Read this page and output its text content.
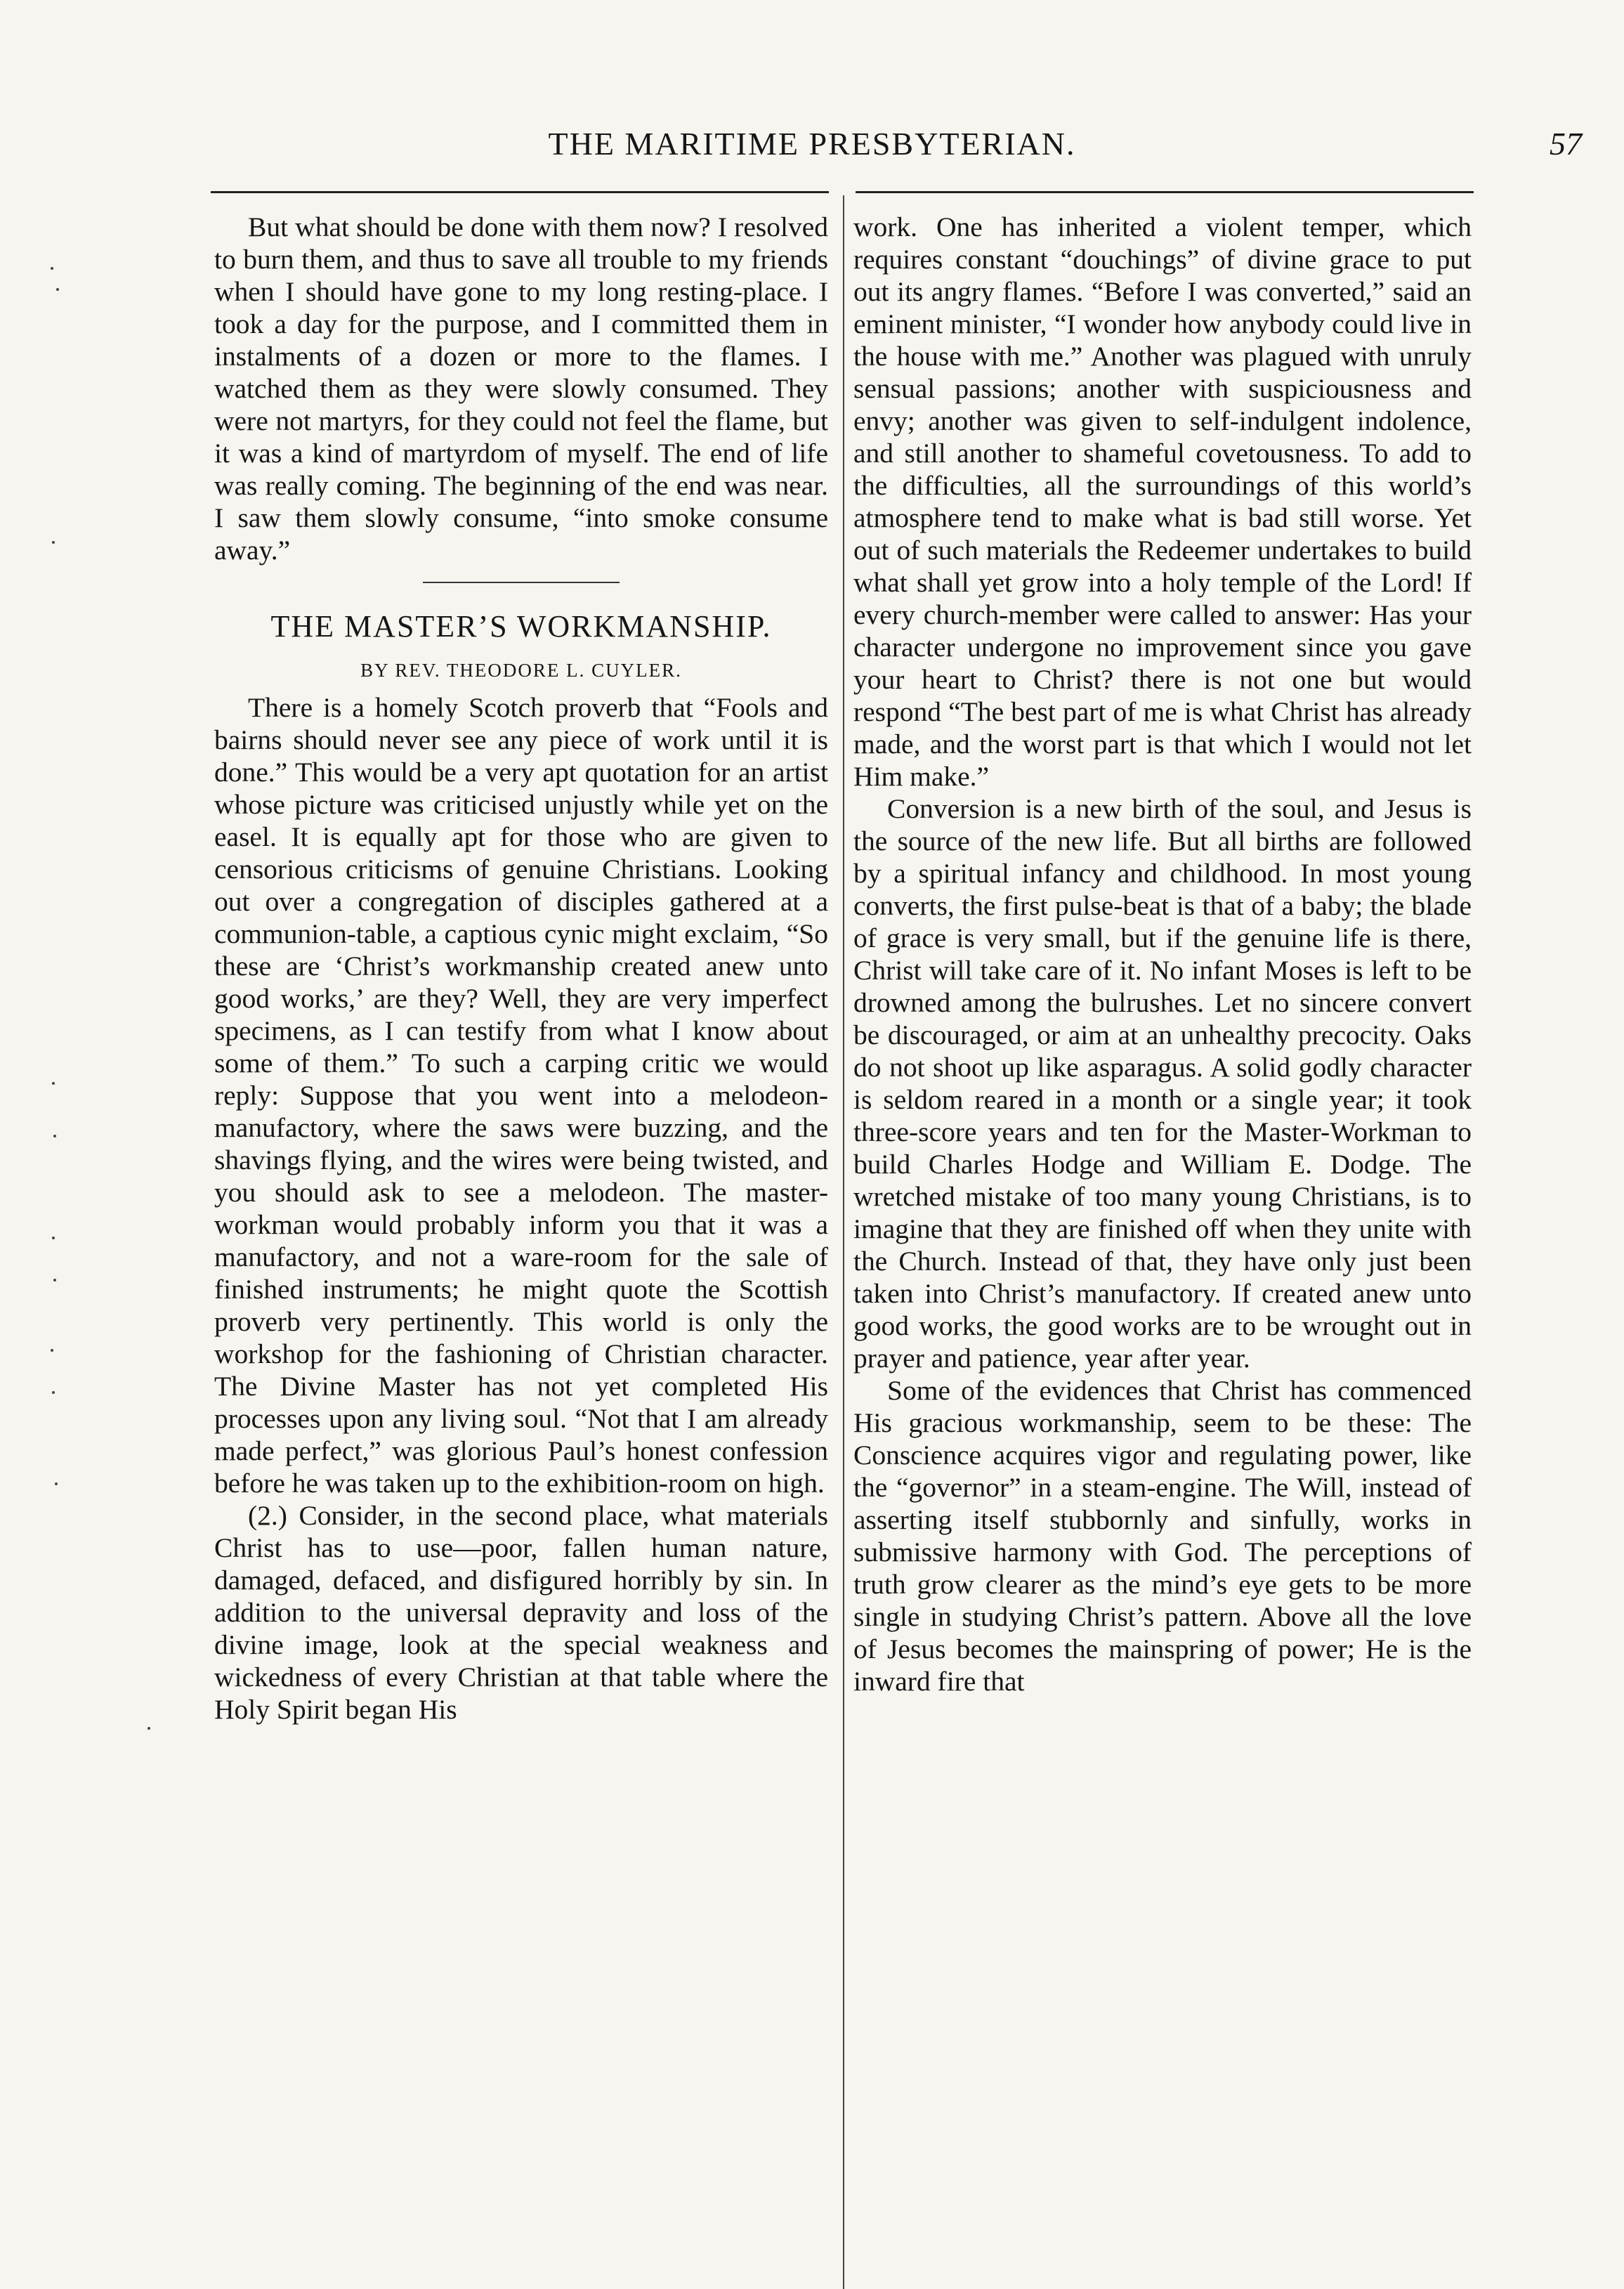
THE MARITIME PRESBYTERIAN.	57

But what should be done with them now? I resolved to burn them, and thus to save all trouble to my friends when I should have gone to my long resting-place. I took a day for the purpose, and I committed them in instalments of a dozen or more to the flames. I watched them as they were slowly consumed. They were not martyrs, for they could not feel the flame, but it was a kind of martyrdom of myself. The end of life was really coming. The beginning of the end was near. I saw them slowly consume, “into smoke consume away.”

THE MASTER’S WORKMANSHIP.
BY REV. THEODORE L. CUYLER.

There is a homely Scotch proverb that “Fools and bairns should never see any piece of work until it is done.” This would be a very apt quotation for an artist whose picture was criticised unjustly while yet on the easel. It is equally apt for those who are given to censorious criticisms of genuine Christians. Looking out over a congregation of disciples gathered at a communion-table, a captious cynic might exclaim, “So these are ‘Christ’s workmanship created anew unto good works,’ are they? Well, they are very imperfect specimens, as I can testify from what I know about some of them.” To such a carping critic we would reply: Suppose that you went into a melodeon-manufactory, where the saws were buzzing, and the shavings flying, and the wires were being twisted, and you should ask to see a melodeon. The master-workman would probably inform you that it was a manufactory, and not a ware-room for the sale of finished instruments; he might quote the Scottish proverb very pertinently. This world is only the workshop for the fashioning of Christian character. The Divine Master has not yet completed His processes upon any living soul. “Not that I am already made perfect,” was glorious Paul’s honest confession before he was taken up to the exhibition-room on high.

(2.) Consider, in the second place, what materials Christ has to use—poor, fallen human nature, damaged, defaced, and disfigured horribly by sin. In addition to the universal depravity and loss of the divine image, look at the special weakness and wickedness of every Christian at that table where the Holy Spirit began His

work. One has inherited a violent temper, which requires constant “douchings” of divine grace to put out its angry flames. “Before I was converted,” said an eminent minister, “I wonder how anybody could live in the house with me.” Another was plagued with unruly sensual passions; another with suspiciousness and envy; another was given to self-indulgent indolence, and still another to shameful covetousness. To add to the difficulties, all the surroundings of this world’s atmosphere tend to make what is bad still worse. Yet out of such materials the Redeemer undertakes to build what shall yet grow into a holy temple of the Lord! If every church-member were called to answer: Has your character undergone no improvement since you gave your heart to Christ? there is not one but would respond “The best part of me is what Christ has already made, and the worst part is that which I would not let Him make.”

Conversion is a new birth of the soul, and Jesus is the source of the new life. But all births are followed by a spiritual infancy and childhood. In most young converts, the first pulse-beat is that of a baby; the blade of grace is very small, but if the genuine life is there, Christ will take care of it. No infant Moses is left to be drowned among the bulrushes. Let no sincere convert be discouraged, or aim at an unhealthy precocity. Oaks do not shoot up like asparagus. A solid godly character is seldom reared in a month or a single year; it took three-score years and ten for the Master-Workman to build Charles Hodge and William E. Dodge. The wretched mistake of too many young Christians, is to imagine that they are finished off when they unite with the Church. Instead of that, they have only just been taken into Christ’s manufactory. If created anew unto good works, the good works are to be wrought out in prayer and patience, year after year.

Some of the evidences that Christ has commenced His gracious workmanship, seem to be these: The Conscience acquires vigor and regulating power, like the “governor” in a steam-engine. The Will, instead of asserting itself stubbornly and sinfully, works in submissive harmony with God. The perceptions of truth grow clearer as the mind’s eye gets to be more single in studying Christ’s pattern. Above all the love of Jesus becomes the mainspring of power; He is the inward fire that
